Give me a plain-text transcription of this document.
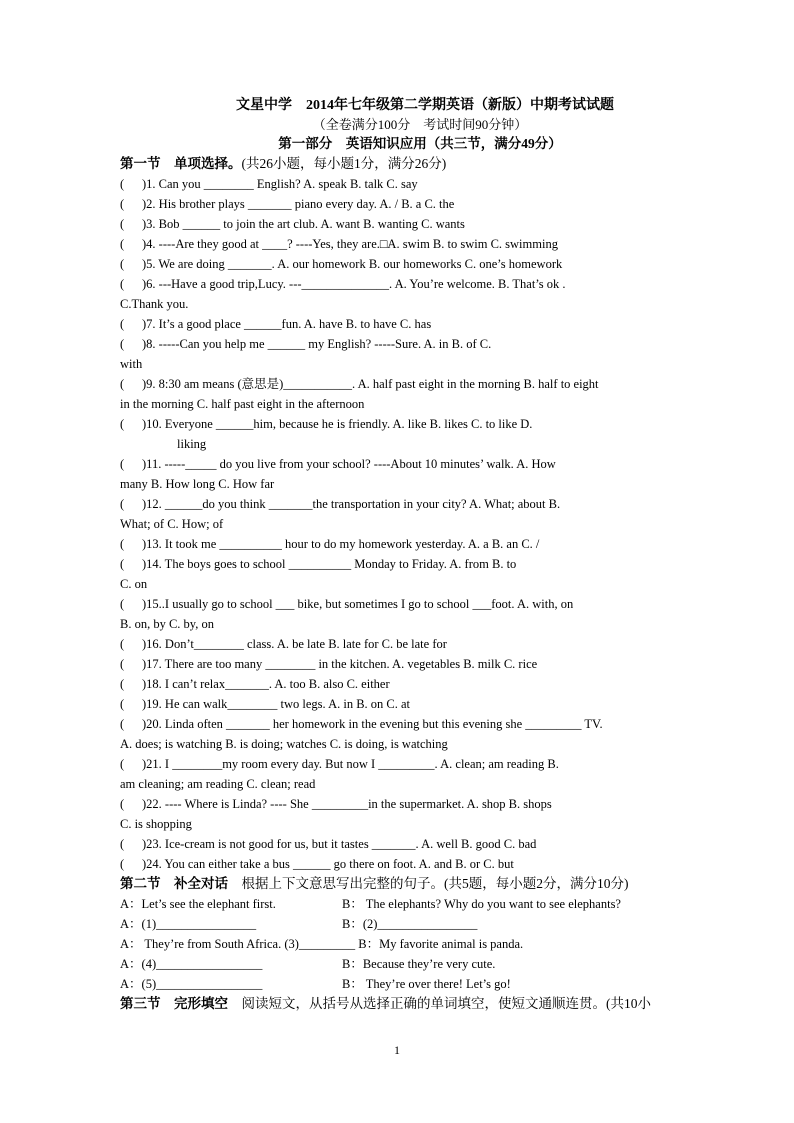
文星中学　2014年七年级第二学期英语（新版）中期考试试题
（全卷满分100分　考试时间90分钟）
第一部分　英语知识应用（共三节，满分49分）
第一节　单项选择。(共26小题，每小题1分，满分26分)
(	)1. Can you ________ English? A. speak B. talk C. say
(	)2. His brother plays _______ piano every day. A. / B. a C. the
(	)3. Bob ______ to join the art club. A. want B. wanting C. wants
(	)4. ----Are they good at ____? ----Yes, they are.□A. swim B. to swim C. swimming
(	)5. We are doing _______. A. our homework B. our homeworks C. one’s homework
(	)6. ---Have a good trip,Lucy. ---______________. A. You’re welcome. B. That’s ok .
C.Thank you.
(	)7. It’s a good place ______fun. A. have B. to have C. has
(	)8. -----Can you help me ______ my English? -----Sure. A. in B. of C.
with
(	)9. 8:30 am means (意思是)___________. A. half past eight in the morning B. half to eight
in the morning C. half past eight in the afternoon
(	)10. Everyone ______him, because he is friendly. A. like B. likes C. to like D.
liking
(	)11. -----_____ do you live from your school? ----About 10 minutes’ walk. A. How
many B. How long C. How far
(	)12. ______do you think _______the transportation in your city? A. What; about B.
What; of C. How; of
(	)13. It took me __________ hour to do my homework yesterday. A. a B. an C. /
(	)14. The boys goes to school __________ Monday to Friday. A. from B. to
C. on
(	)15..I usually go to school ___ bike, but sometimes I go to school ___foot. A. with, on
B. on, by C. by, on
(	)16. Don’t________ class. A. be late B. late for C. be late for
(	)17. There are too many ________ in the kitchen. A. vegetables B. milk C. rice
(	)18. I can’t relax_______. A. too B. also C. either
(	)19. He can walk________ two legs. A. in B. on C. at
(	)20. Linda often _______ her homework in the evening but this evening she _________ TV.
A. does; is watching B. is doing; watches C. is doing, is watching
(	)21. I ________my room every day. But now I _________. A. clean; am reading B.
am cleaning; am reading C. clean; read
(	)22. ---- Where is Linda? ---- She _________in the supermarket. A. shop B. shops
C. is shopping
(	)23. Ice-cream is not good for us, but it tastes _______. A. well B. good C. bad
(	)24. You can either take a bus ______ go there on foot. A. and B. or C. but
第二节　补全对话　根据上下文意思写出完整的句子。(共5题，每小题2分，满分10分)
A：Let’s see the elephant first.	B： The elephants? Why do you want to see elephants?
A：(1)________________	B：(2)________________
A： They’re from South Africa. (3)_________ B：My favorite animal is panda.
A：(4)_________________	B：Because they’re very cute.
A：(5)_________________	B： They’re over there! Let’s go!
第三节　完形填空　阅读短文，从括号从选择正确的单词填空，使短文通顺连贯。(共10小
1
